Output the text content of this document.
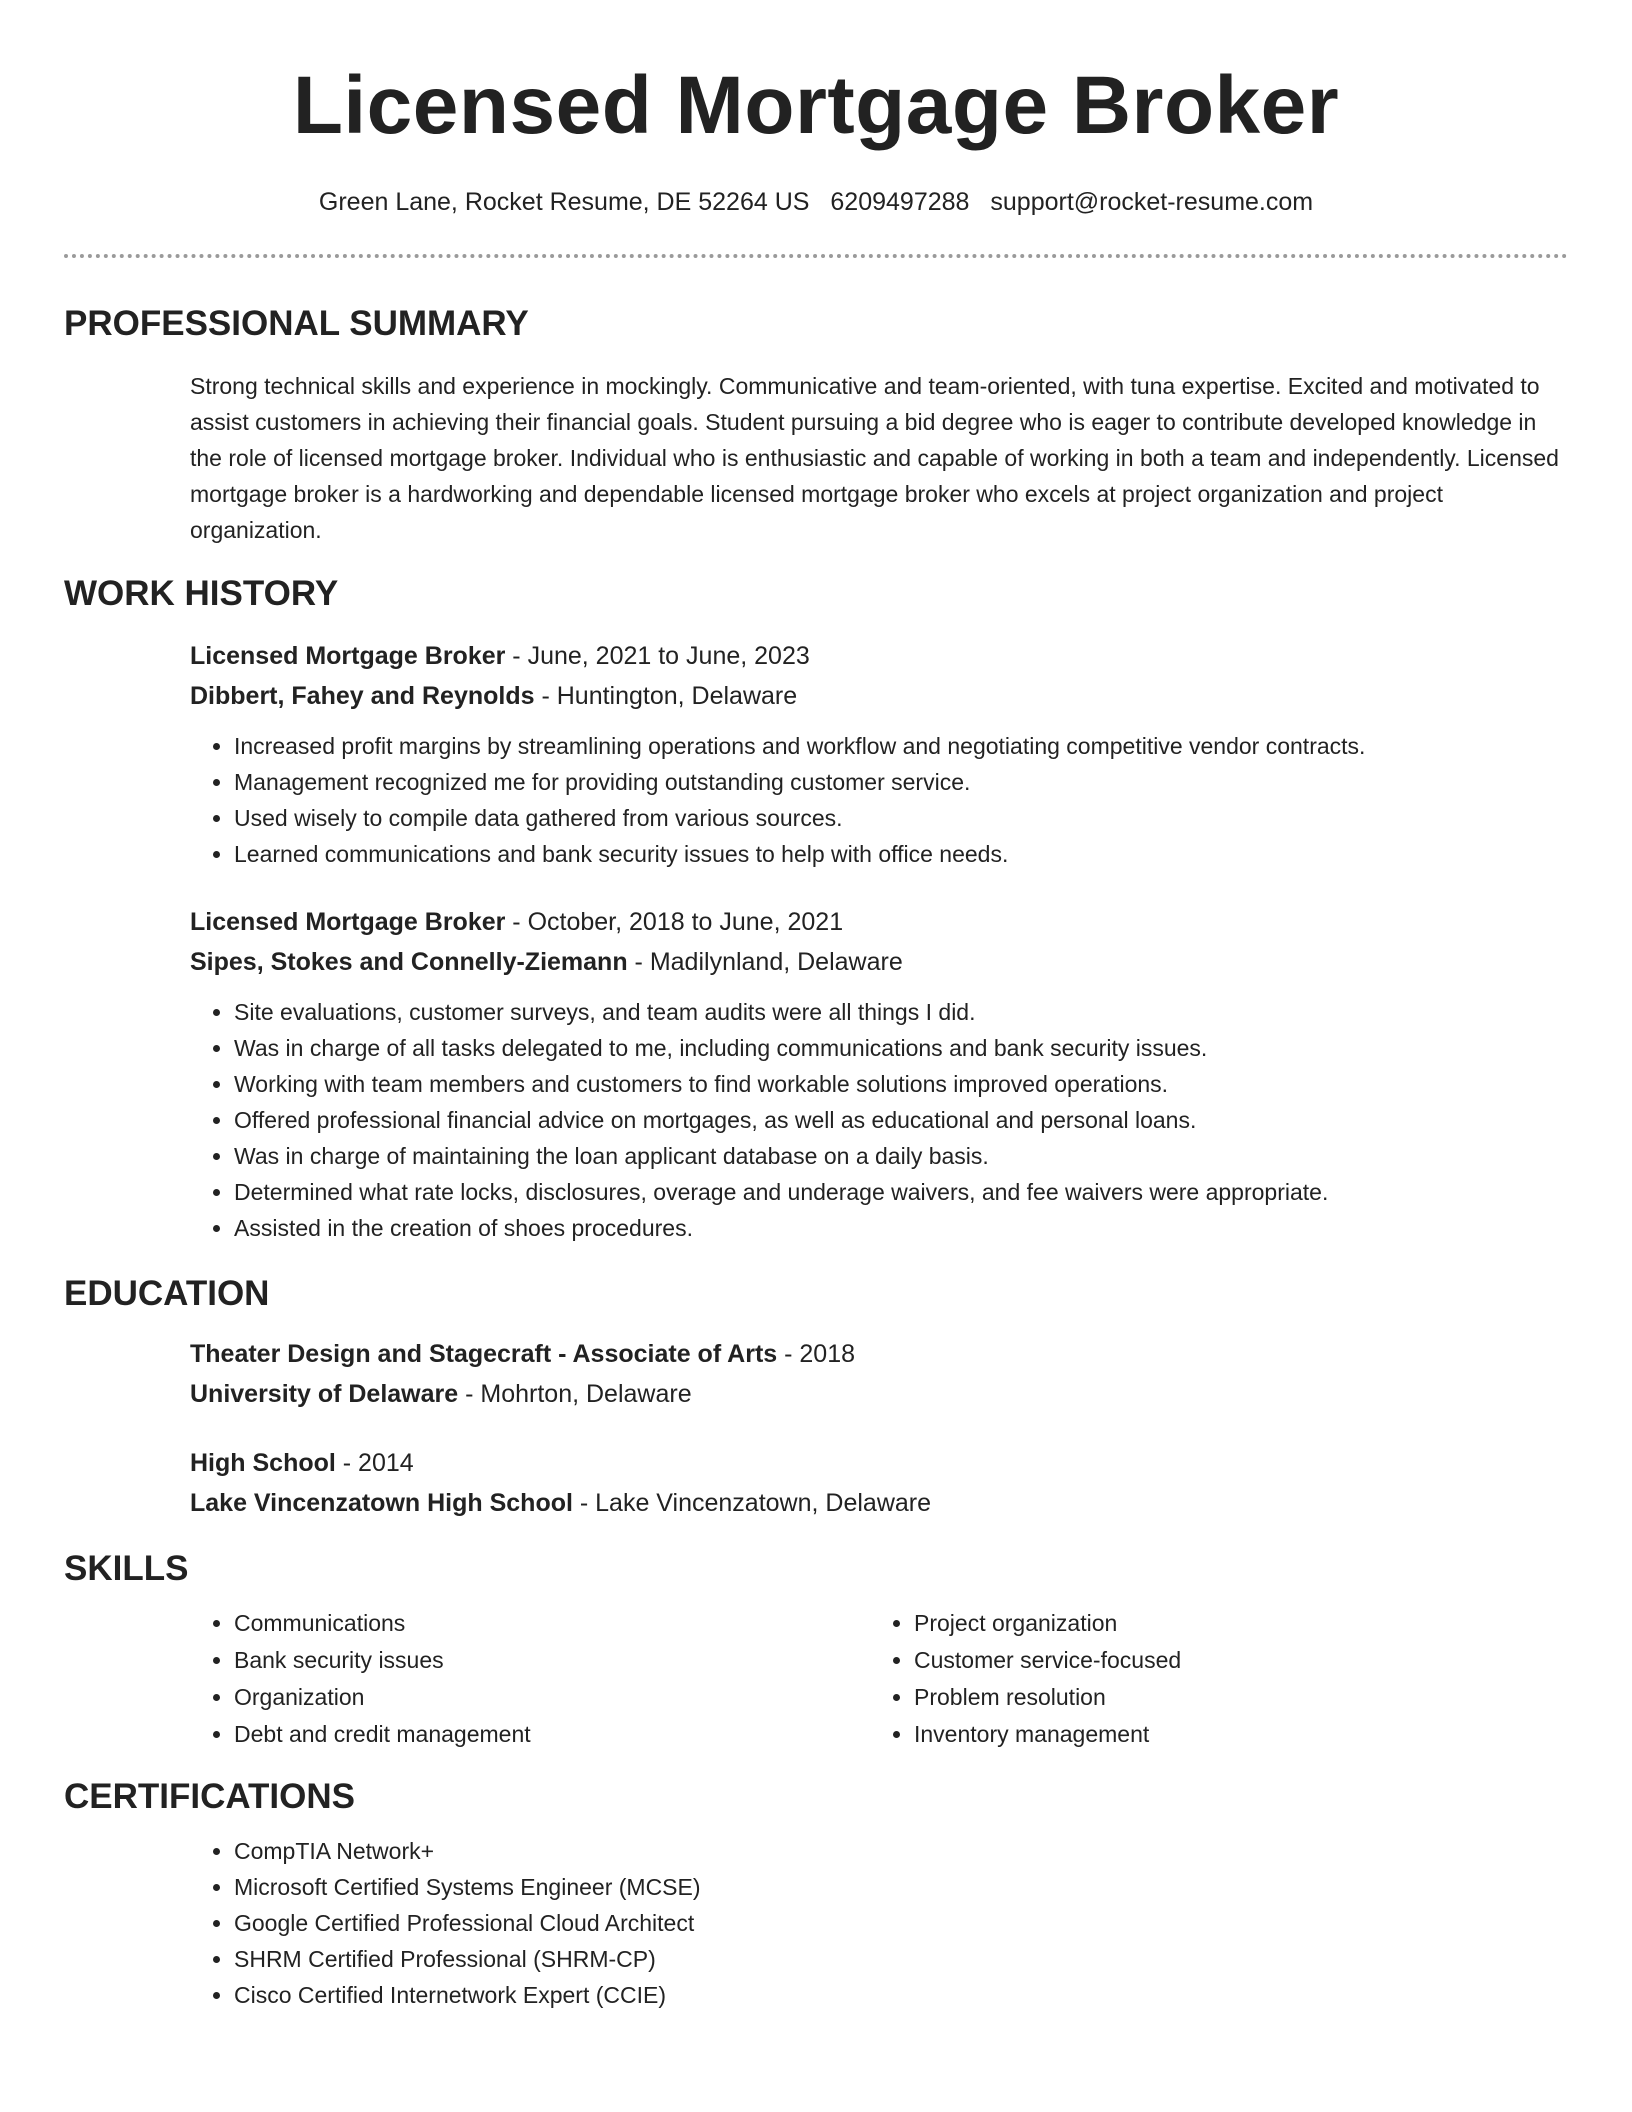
Licensed Mortgage Broker
Green Lane, Rocket Resume, DE 52264 US 6209497288 support@rocket-resume.com
PROFESSIONAL SUMMARY
Strong technical skills and experience in mockingly. Communicative and team-oriented, with tuna expertise. Excited and motivated to assist customers in achieving their financial goals. Student pursuing a bid degree who is eager to contribute developed knowledge in the role of licensed mortgage broker. Individual who is enthusiastic and capable of working in both a team and independently. Licensed mortgage broker is a hardworking and dependable licensed mortgage broker who excels at project organization and project organization.
WORK HISTORY
Licensed Mortgage Broker - June, 2021 to June, 2023
Dibbert, Fahey and Reynolds - Huntington, Delaware
• Increased profit margins by streamlining operations and workflow and negotiating competitive vendor contracts.
• Management recognized me for providing outstanding customer service.
• Used wisely to compile data gathered from various sources.
• Learned communications and bank security issues to help with office needs.
Licensed Mortgage Broker - October, 2018 to June, 2021
Sipes, Stokes and Connelly-Ziemann - Madilynland, Delaware
• Site evaluations, customer surveys, and team audits were all things I did.
• Was in charge of all tasks delegated to me, including communications and bank security issues.
• Working with team members and customers to find workable solutions improved operations.
• Offered professional financial advice on mortgages, as well as educational and personal loans.
• Was in charge of maintaining the loan applicant database on a daily basis.
• Determined what rate locks, disclosures, overage and underage waivers, and fee waivers were appropriate.
• Assisted in the creation of shoes procedures.
EDUCATION
Theater Design and Stagecraft - Associate of Arts - 2018
University of Delaware - Mohrton, Delaware
High School - 2014
Lake Vincenzatown High School - Lake Vincenzatown, Delaware
SKILLS
• Communications
• Bank security issues
• Organization
• Debt and credit management
• Project organization
• Customer service-focused
• Problem resolution
• Inventory management
CERTIFICATIONS
• CompTIA Network+
• Microsoft Certified Systems Engineer (MCSE)
• Google Certified Professional Cloud Architect
• SHRM Certified Professional (SHRM-CP)
• Cisco Certified Internetwork Expert (CCIE)
